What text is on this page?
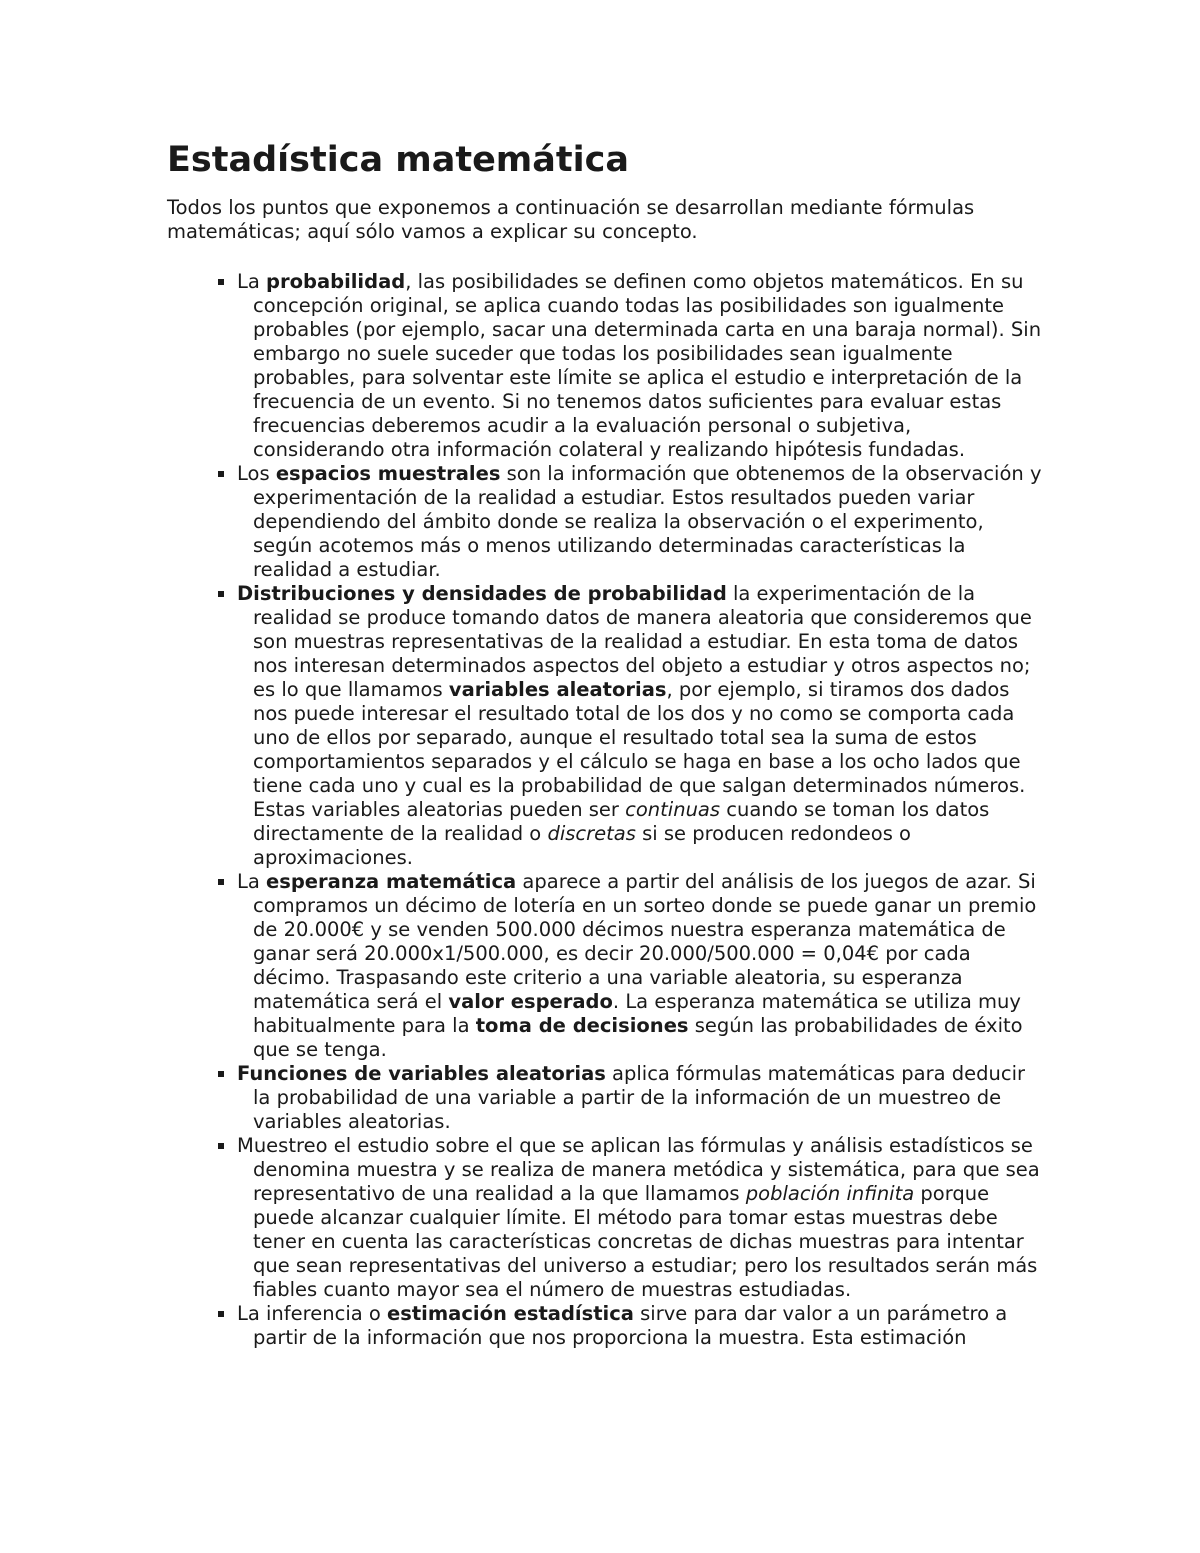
Estadística matemática

Todos los puntos que exponemos a continuación se desarrollan mediante fórmulas matemáticas; aquí sólo vamos a explicar su concepto.

La probabilidad, las posibilidades se definen como objetos matemáticos. En su concepción original, se aplica cuando todas las posibilidades son igualmente probables (por ejemplo, sacar una determinada carta en una baraja normal). Sin embargo no suele suceder que todas los posibilidades sean igualmente probables, para solventar este límite se aplica el estudio e interpretación de la frecuencia de un evento. Si no tenemos datos suficientes para evaluar estas frecuencias deberemos acudir a la evaluación personal o subjetiva, considerando otra información colateral y realizando hipótesis fundadas.
Los espacios muestrales son la información que obtenemos de la observación y experimentación de la realidad a estudiar. Estos resultados pueden variar dependiendo del ámbito donde se realiza la observación o el experimento, según acotemos más o menos utilizando determinadas características la realidad a estudiar.
Distribuciones y densidades de probabilidad la experimentación de la realidad se produce tomando datos de manera aleatoria que consideremos que son muestras representativas de la realidad a estudiar. En esta toma de datos nos interesan determinados aspectos del objeto a estudiar y otros aspectos no; es lo que llamamos variables aleatorias, por ejemplo, si tiramos dos dados nos puede interesar el resultado total de los dos y no como se comporta cada uno de ellos por separado, aunque el resultado total sea la suma de estos comportamientos separados y el cálculo se haga en base a los ocho lados que tiene cada uno y cual es la probabilidad de que salgan determinados números. Estas variables aleatorias pueden ser continuas cuando se toman los datos directamente de la realidad o discretas si se producen redondeos o aproximaciones.
La esperanza matemática aparece a partir del análisis de los juegos de azar. Si compramos un décimo de lotería en un sorteo donde se puede ganar un premio de 20.000€ y se venden 500.000 décimos nuestra esperanza matemática de ganar será 20.000x1/500.000, es decir 20.000/500.000 = 0,04€ por cada décimo. Traspasando este criterio a una variable aleatoria, su esperanza matemática será el valor esperado. La esperanza matemática se utiliza muy habitualmente para la toma de decisiones según las probabilidades de éxito que se tenga.
Funciones de variables aleatorias aplica fórmulas matemáticas para deducir la probabilidad de una variable a partir de la información de un muestreo de variables aleatorias.
Muestreo el estudio sobre el que se aplican las fórmulas y análisis estadísticos se denomina muestra y se realiza de manera metódica y sistemática, para que sea representativo de una realidad a la que llamamos población infinita porque puede alcanzar cualquier límite. El método para tomar estas muestras debe tener en cuenta las características concretas de dichas muestras para intentar que sean representativas del universo a estudiar; pero los resultados serán más fiables cuanto mayor sea el número de muestras estudiadas.
La inferencia o estimación estadística sirve para dar valor a un parámetro a partir de la información que nos proporciona la muestra. Esta estimación
